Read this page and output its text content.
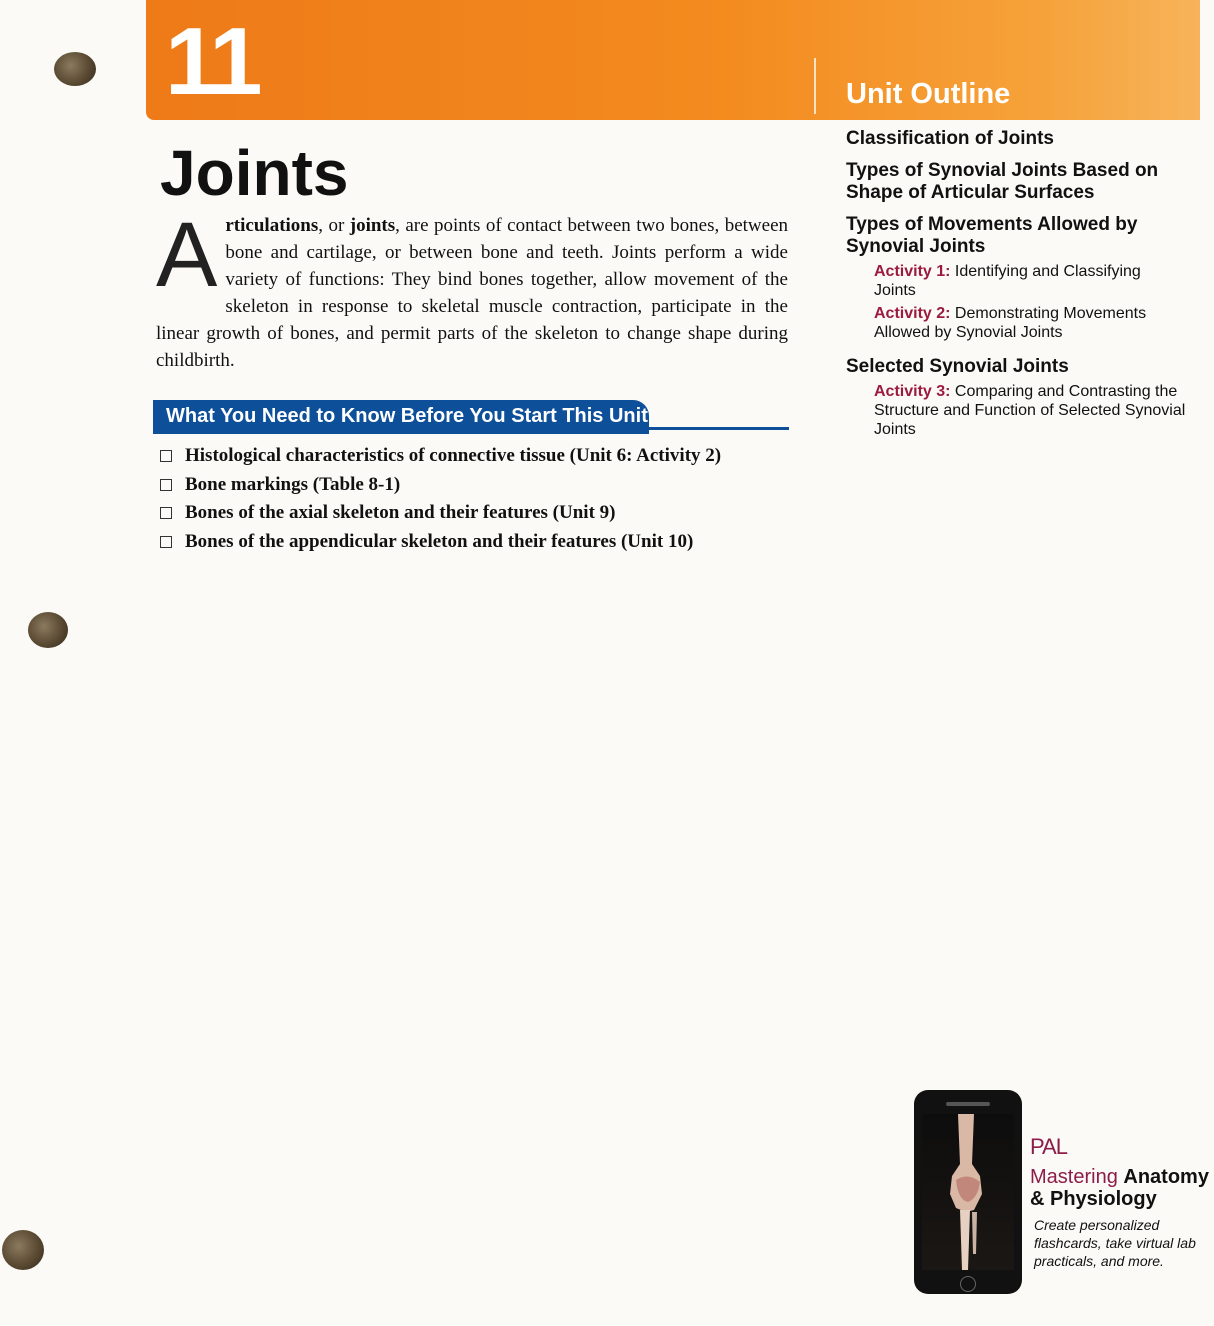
11	Unit Outline
Joints
Articulations, or joints, are points of contact between two bones, between bone and cartilage, or between bone and teeth. Joints perform a wide variety of functions: They bind bones together, allow movement of the skeleton in response to skeletal muscle contraction, participate in the linear growth of bones, and permit parts of the skeleton to change shape during childbirth.
What You Need to Know Before You Start This Unit
Histological characteristics of connective tissue (Unit 6: Activity 2)
Bone markings (Table 8-1)
Bones of the axial skeleton and their features (Unit 9)
Bones of the appendicular skeleton and their features (Unit 10)
Classification of Joints
Types of Synovial Joints Based on Shape of Articular Surfaces
Types of Movements Allowed by Synovial Joints
Activity 1: Identifying and Classifying Joints
Activity 2: Demonstrating Movements Allowed by Synovial Joints
Selected Synovial Joints
Activity 3: Comparing and Contrasting the Structure and Function of Selected Synovial Joints
PAL
Mastering Anatomy
& Physiology
Create personalized flashcards, take virtual lab practicals, and more.
